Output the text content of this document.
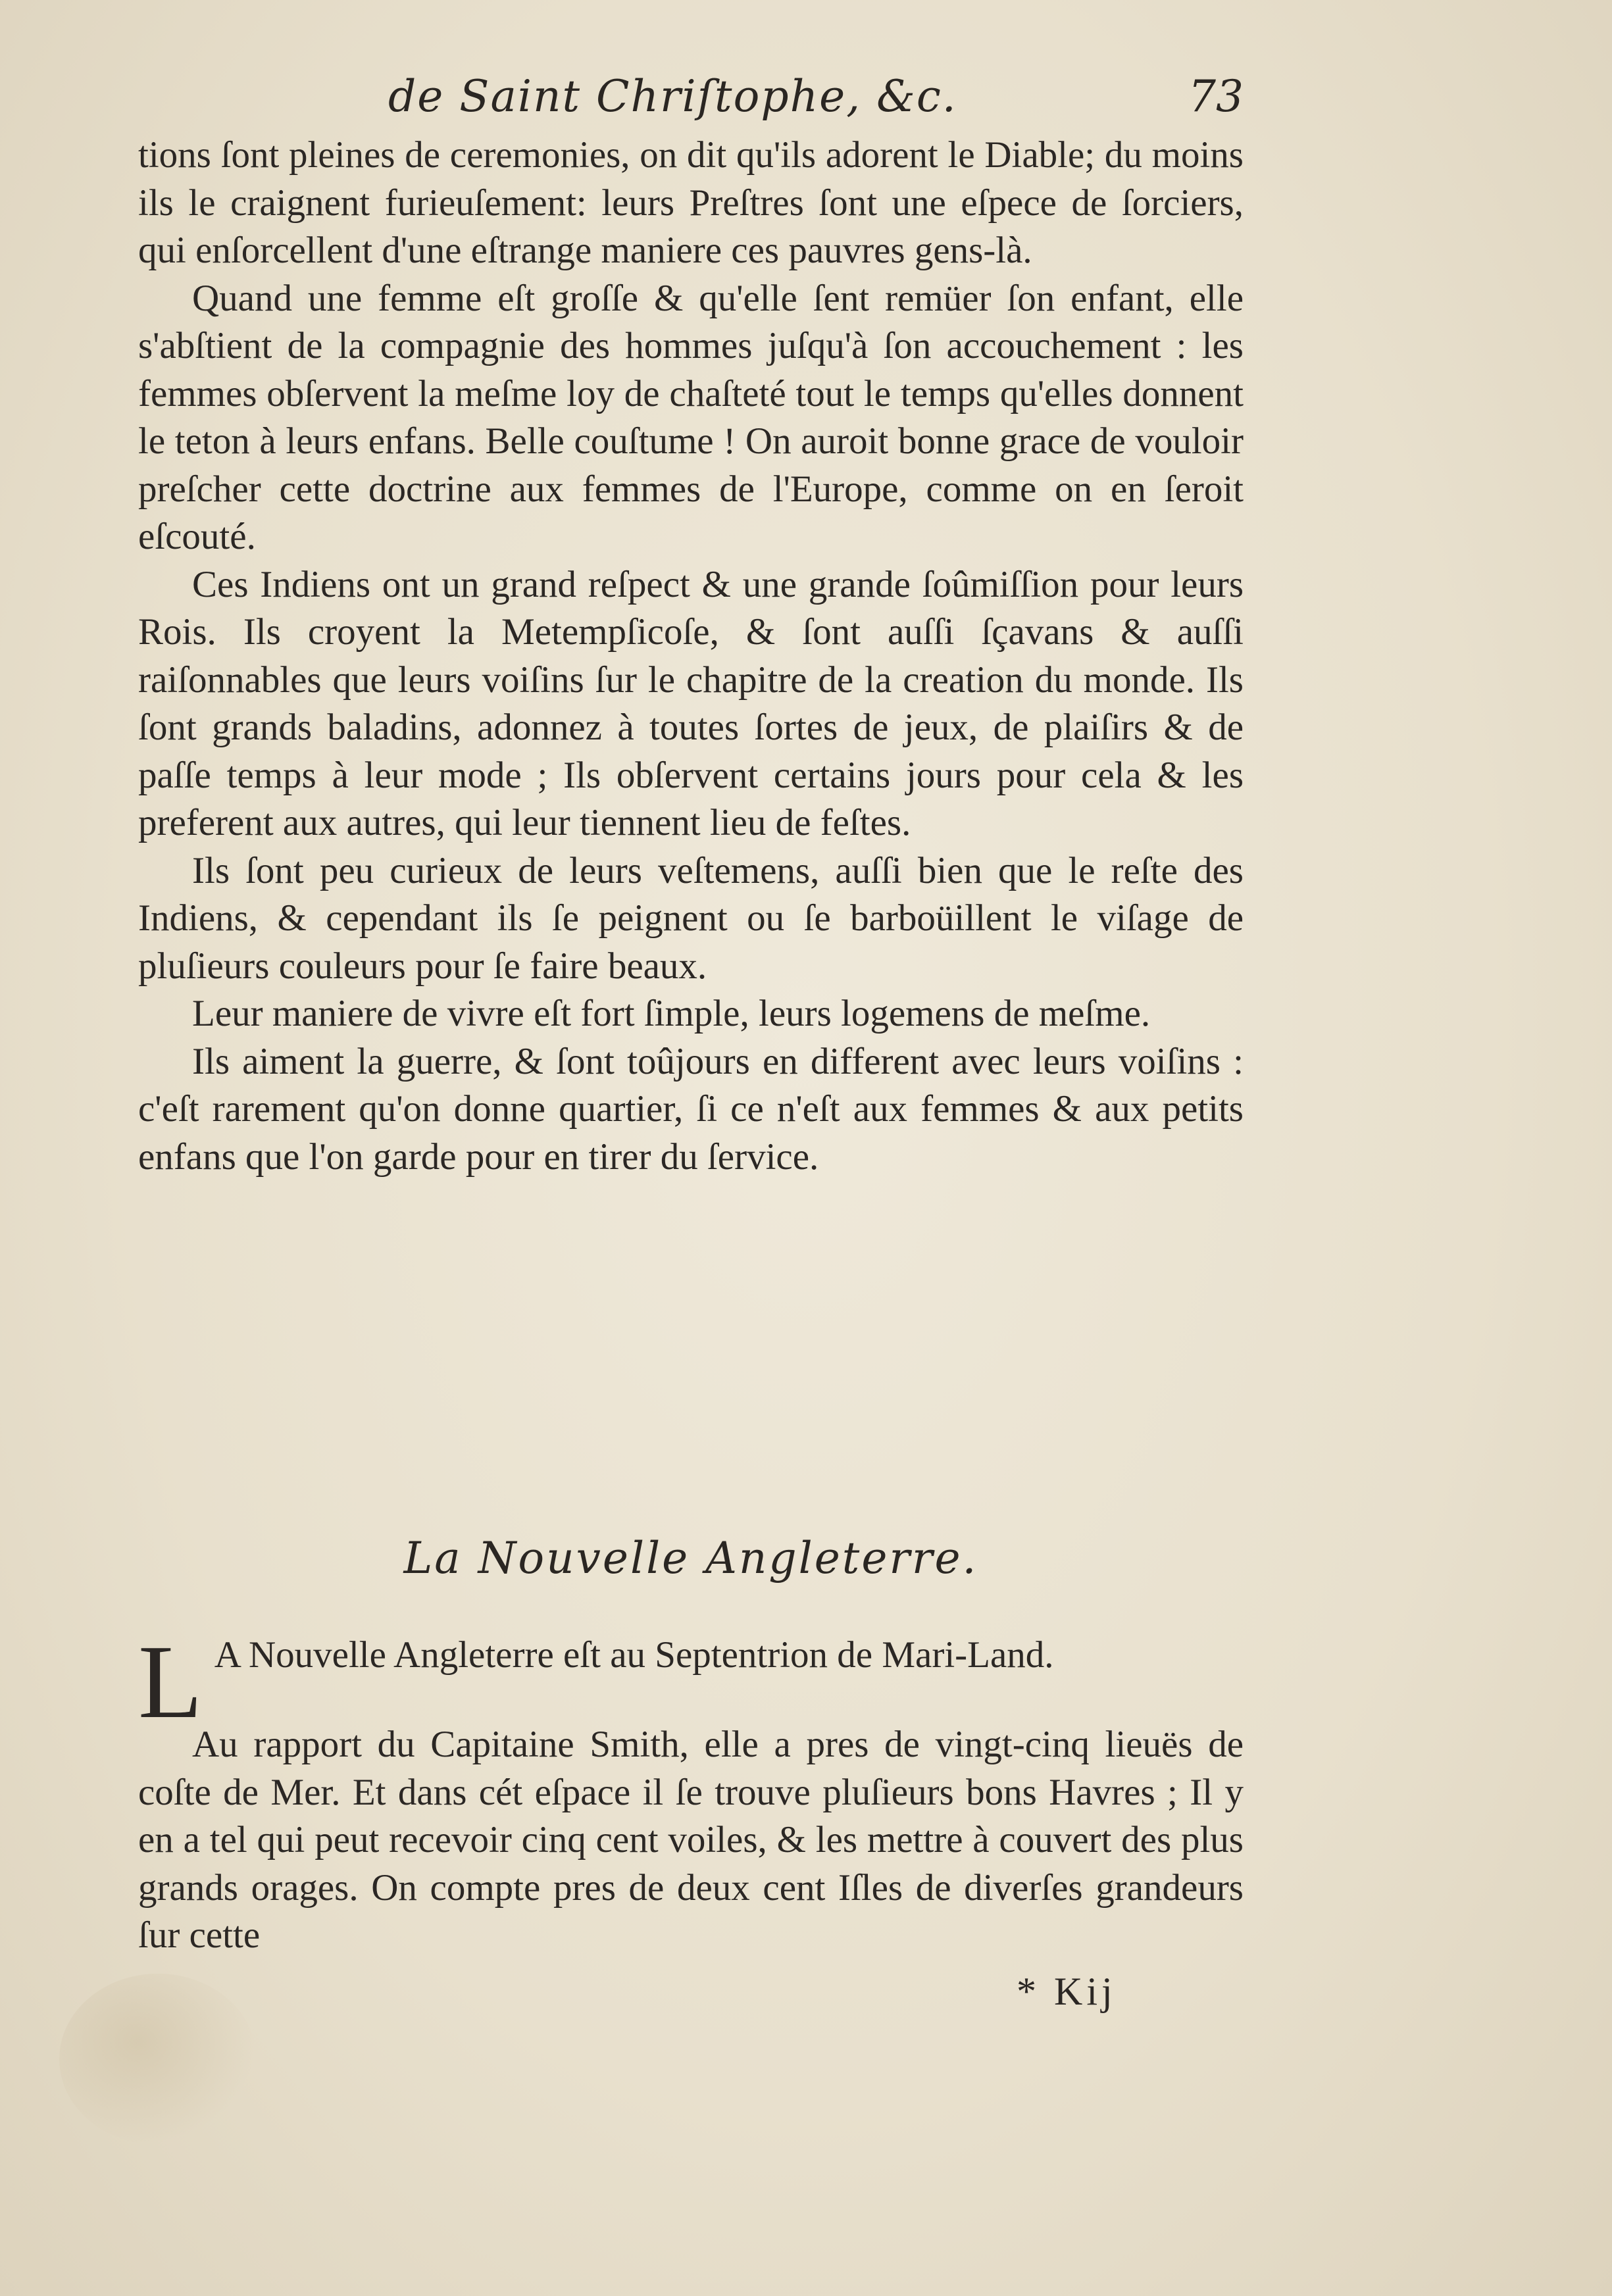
de Saint Chriſtophe, &c.	73

tions ſont pleines de ceremonies, on dit qu'ils adorent le Diable; du moins ils le craignent furieuſement: leurs Preſtres ſont une eſpece de ſorciers, qui enſorcellent d'une eſtrange maniere ces pauvres gens-là.

Quand une femme eſt groſſe & qu'elle ſent remüer ſon enfant, elle s'abſtient de la compagnie des hommes juſqu'à ſon accouchement : les femmes obſervent la meſme loy de chaſteté tout le temps qu'elles donnent le teton à leurs enfans. Belle couſtume ! On auroit bonne grace de vouloir preſcher cette doctrine aux femmes de l'Europe, comme on en ſeroit eſcouté.

Ces Indiens ont un grand reſpect & une grande ſoûmiſſion pour leurs Rois. Ils croyent la Metempſicoſe, & ſont auſſi ſçavans & auſſi raiſonnables que leurs voiſins ſur le chapitre de la creation du monde. Ils ſont grands baladins, adonnez à toutes ſortes de jeux, de plaiſirs & de paſſe temps à leur mode ; Ils obſervent certains jours pour cela & les preferent aux autres, qui leur tiennent lieu de feſtes.

Ils ſont peu curieux de leurs veſtemens, auſſi bien que le reſte des Indiens, & cependant ils ſe peignent ou ſe barboüillent le viſage de pluſieurs couleurs pour ſe faire beaux.

Leur maniere de vivre eſt fort ſimple, leurs logemens de meſme.

Ils aiment la guerre, & ſont toûjours en different avec leurs voiſins : c'eſt rarement qu'on donne quartier, ſi ce n'eſt aux femmes & aux petits enfans que l'on garde pour en tirer du ſervice.

La Nouvelle Angleterre.

L A Nouvelle Angleterre eſt au Septentrion de Mari-Land.

Au rapport du Capitaine Smith, elle a pres de vingt-cinq lieuës de coſte de Mer. Et dans cét eſpace il ſe trouve pluſieurs bons Havres ; Il y en a tel qui peut recevoir cinq cent voiles, & les mettre à couvert des plus grands orages. On compte pres de deux cent Iſles de diverſes grandeurs ſur cette

* Kij
